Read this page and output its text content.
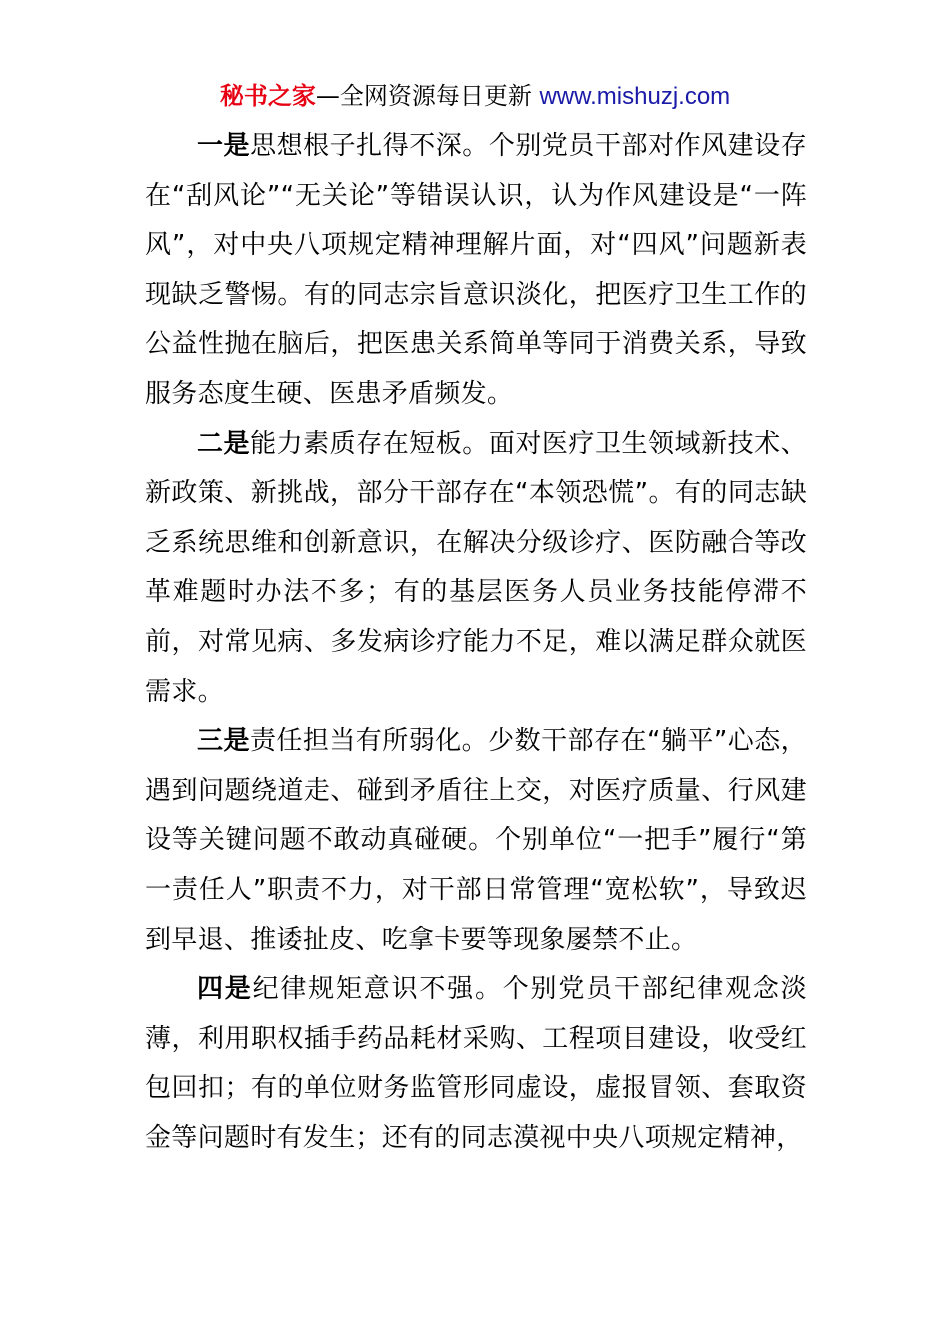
秘书之家—全网资源每日更新 www.mishuzj.com

一是思想根子扎得不深。个别党员干部对作风建设存在“刮风论”“无关论”等错误认识，认为作风建设是“一阵风”，对中央八项规定精神理解片面，对“四风”问题新表现缺乏警惕。有的同志宗旨意识淡化，把医疗卫生工作的公益性抛在脑后，把医患关系简单等同于消费关系，导致服务态度生硬、医患矛盾频发。

二是能力素质存在短板。面对医疗卫生领域新技术、新政策、新挑战，部分干部存在“本领恐慌”。有的同志缺乏系统思维和创新意识，在解决分级诊疗、医防融合等改革难题时办法不多；有的基层医务人员业务技能停滞不前，对常见病、多发病诊疗能力不足，难以满足群众就医需求。

三是责任担当有所弱化。少数干部存在“躺平”心态，遇到问题绕道走、碰到矛盾往上交，对医疗质量、行风建设等关键问题不敢动真碰硬。个别单位“一把手”履行“第一责任人”职责不力，对干部日常管理“宽松软”，导致迟到早退、推诿扯皮、吃拿卡要等现象屡禁不止。

四是纪律规矩意识不强。个别党员干部纪律观念淡薄，利用职权插手药品耗材采购、工程项目建设，收受红包回扣；有的单位财务监管形同虚设，虚报冒领、套取资金等问题时有发生；还有的同志漠视中央八项规定精神，
